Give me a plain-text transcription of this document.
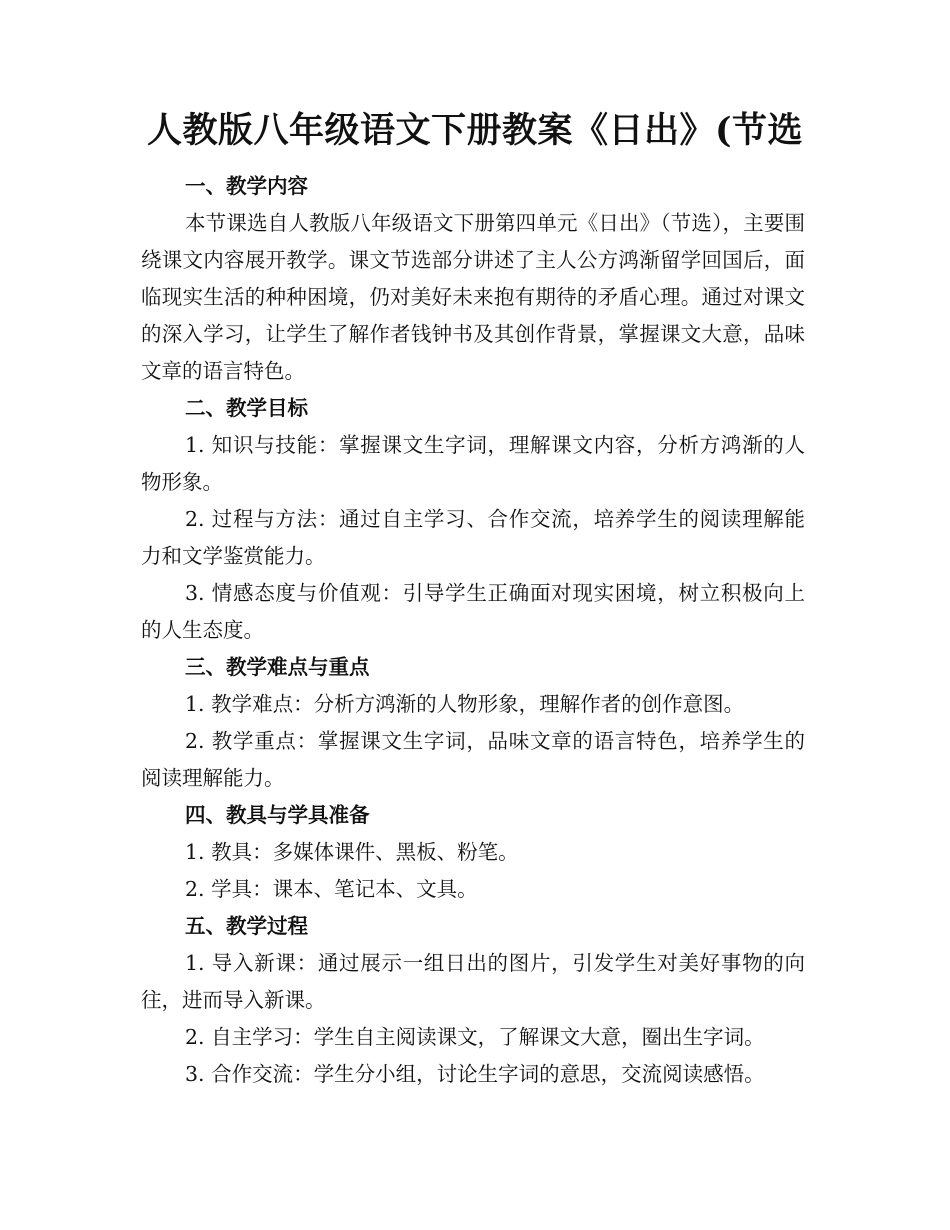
人教版八年级语文下册教案《日出》(节选
一、教学内容

本节课选自人教版八年级语文下册第四单元《日出》（节选），主要围绕课文内容展开教学。课文节选部分讲述了主人公方鸿渐留学回国后，面临现实生活的种种困境，仍对美好未来抱有期待的矛盾心理。通过对课文的深入学习，让学生了解作者钱钟书及其创作背景，掌握课文大意，品味文章的语言特色。

二、教学目标

1. 知识与技能：掌握课文生字词，理解课文内容，分析方鸿渐的人物形象。

2. 过程与方法：通过自主学习、合作交流，培养学生的阅读理解能力和文学鉴赏能力。

3. 情感态度与价值观：引导学生正确面对现实困境，树立积极向上的人生态度。

三、教学难点与重点

1. 教学难点：分析方鸿渐的人物形象，理解作者的创作意图。

2. 教学重点：掌握课文生字词，品味文章的语言特色，培养学生的阅读理解能力。

四、教具与学具准备

1. 教具：多媒体课件、黑板、粉笔。

2. 学具：课本、笔记本、文具。

五、教学过程

1. 导入新课：通过展示一组日出的图片，引发学生对美好事物的向往，进而导入新课。

2. 自主学习：学生自主阅读课文，了解课文大意，圈出生字词。

3. 合作交流：学生分小组，讨论生字词的意思，交流阅读感悟。
